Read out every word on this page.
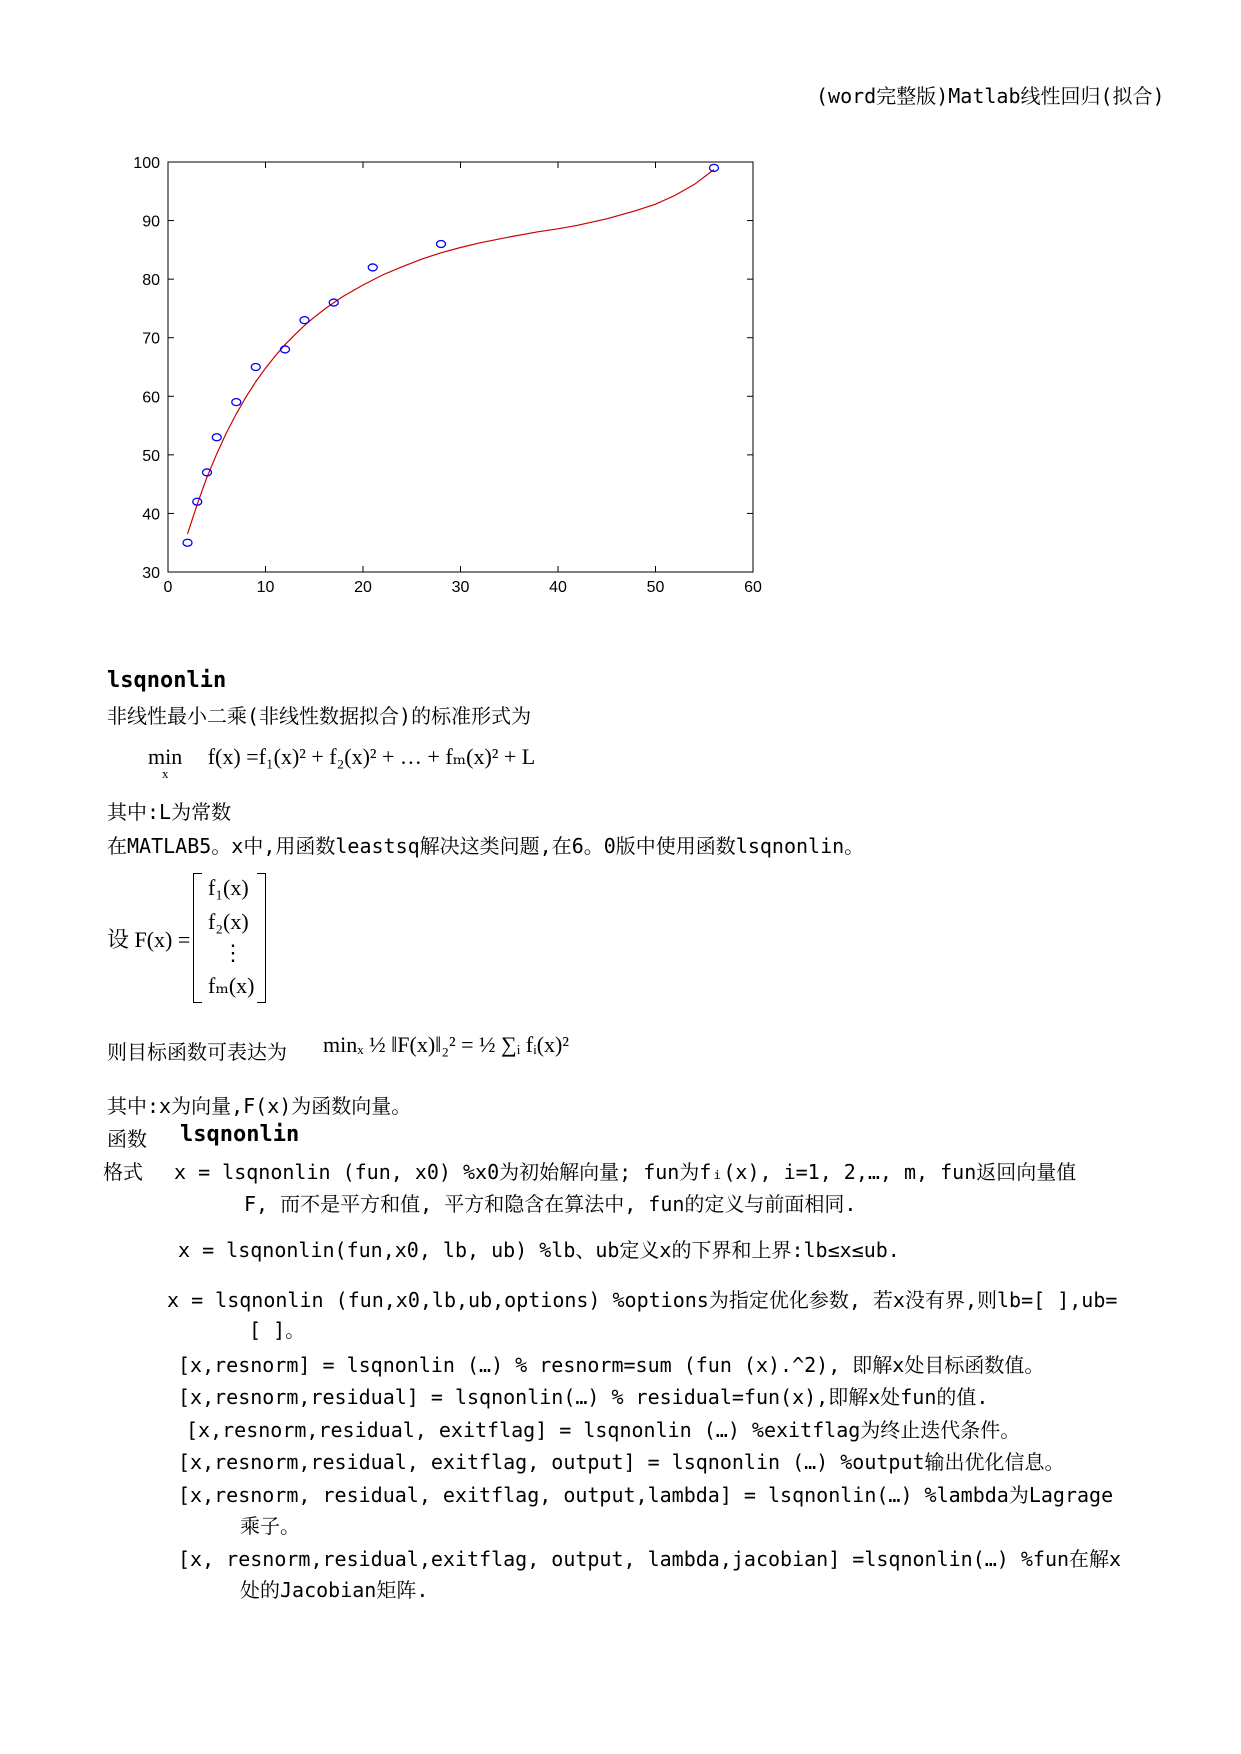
(word完整版)Matlab线性回归(拟合)
0	10	20	30	40	50	60
30
40
50
60
70
80
90
100
lsqnonlin
非线性最小二乘(非线性数据拟合)的标准形式为
min
x
f(x) =f₁(x)² + f₂(x)² + … + fₘ(x)² + L
其中:L为常数
在MATLAB5。x中,用函数leastsq解决这类问题,在6。0版中使用函数lsqnonlin。
设 F(x) =
f₁(x)
f₂(x)
⋮
fₘ(x)
则目标函数可表达为 minₓ ½ ‖F(x)‖₂² = ½ ∑ᵢ fᵢ(x)²
其中:x为向量,F(x)为函数向量。
函数 lsqnonlin
格式 x = lsqnonlin (fun, x0) %x0为初始解向量; fun为fᵢ(x), i=1, 2,…, m, fun返回向量值
F, 而不是平方和值, 平方和隐含在算法中, fun的定义与前面相同.
x = lsqnonlin(fun,x0, lb, ub) %lb、ub定义x的下界和上界:lb≤x≤ub.
x = lsqnonlin (fun,x0,lb,ub,options) %options为指定优化参数, 若x没有界,则lb=[ ],ub=
[ ]。
[x,resnorm] = lsqnonlin (…) % resnorm=sum (fun (x).^2), 即解x处目标函数值。
[x,resnorm,residual] = lsqnonlin(…) % residual=fun(x),即解x处fun的值.
[x,resnorm,residual, exitflag] = lsqnonlin (…) %exitflag为终止迭代条件。
[x,resnorm,residual, exitflag, output] = lsqnonlin (…) %output输出优化信息。
[x,resnorm, residual, exitflag, output,lambda] = lsqnonlin(…) %lambda为Lagrage
乘子。
[x, resnorm,residual,exitflag, output, lambda,jacobian] =lsqnonlin(…) %fun在解x
处的Jacobian矩阵.
